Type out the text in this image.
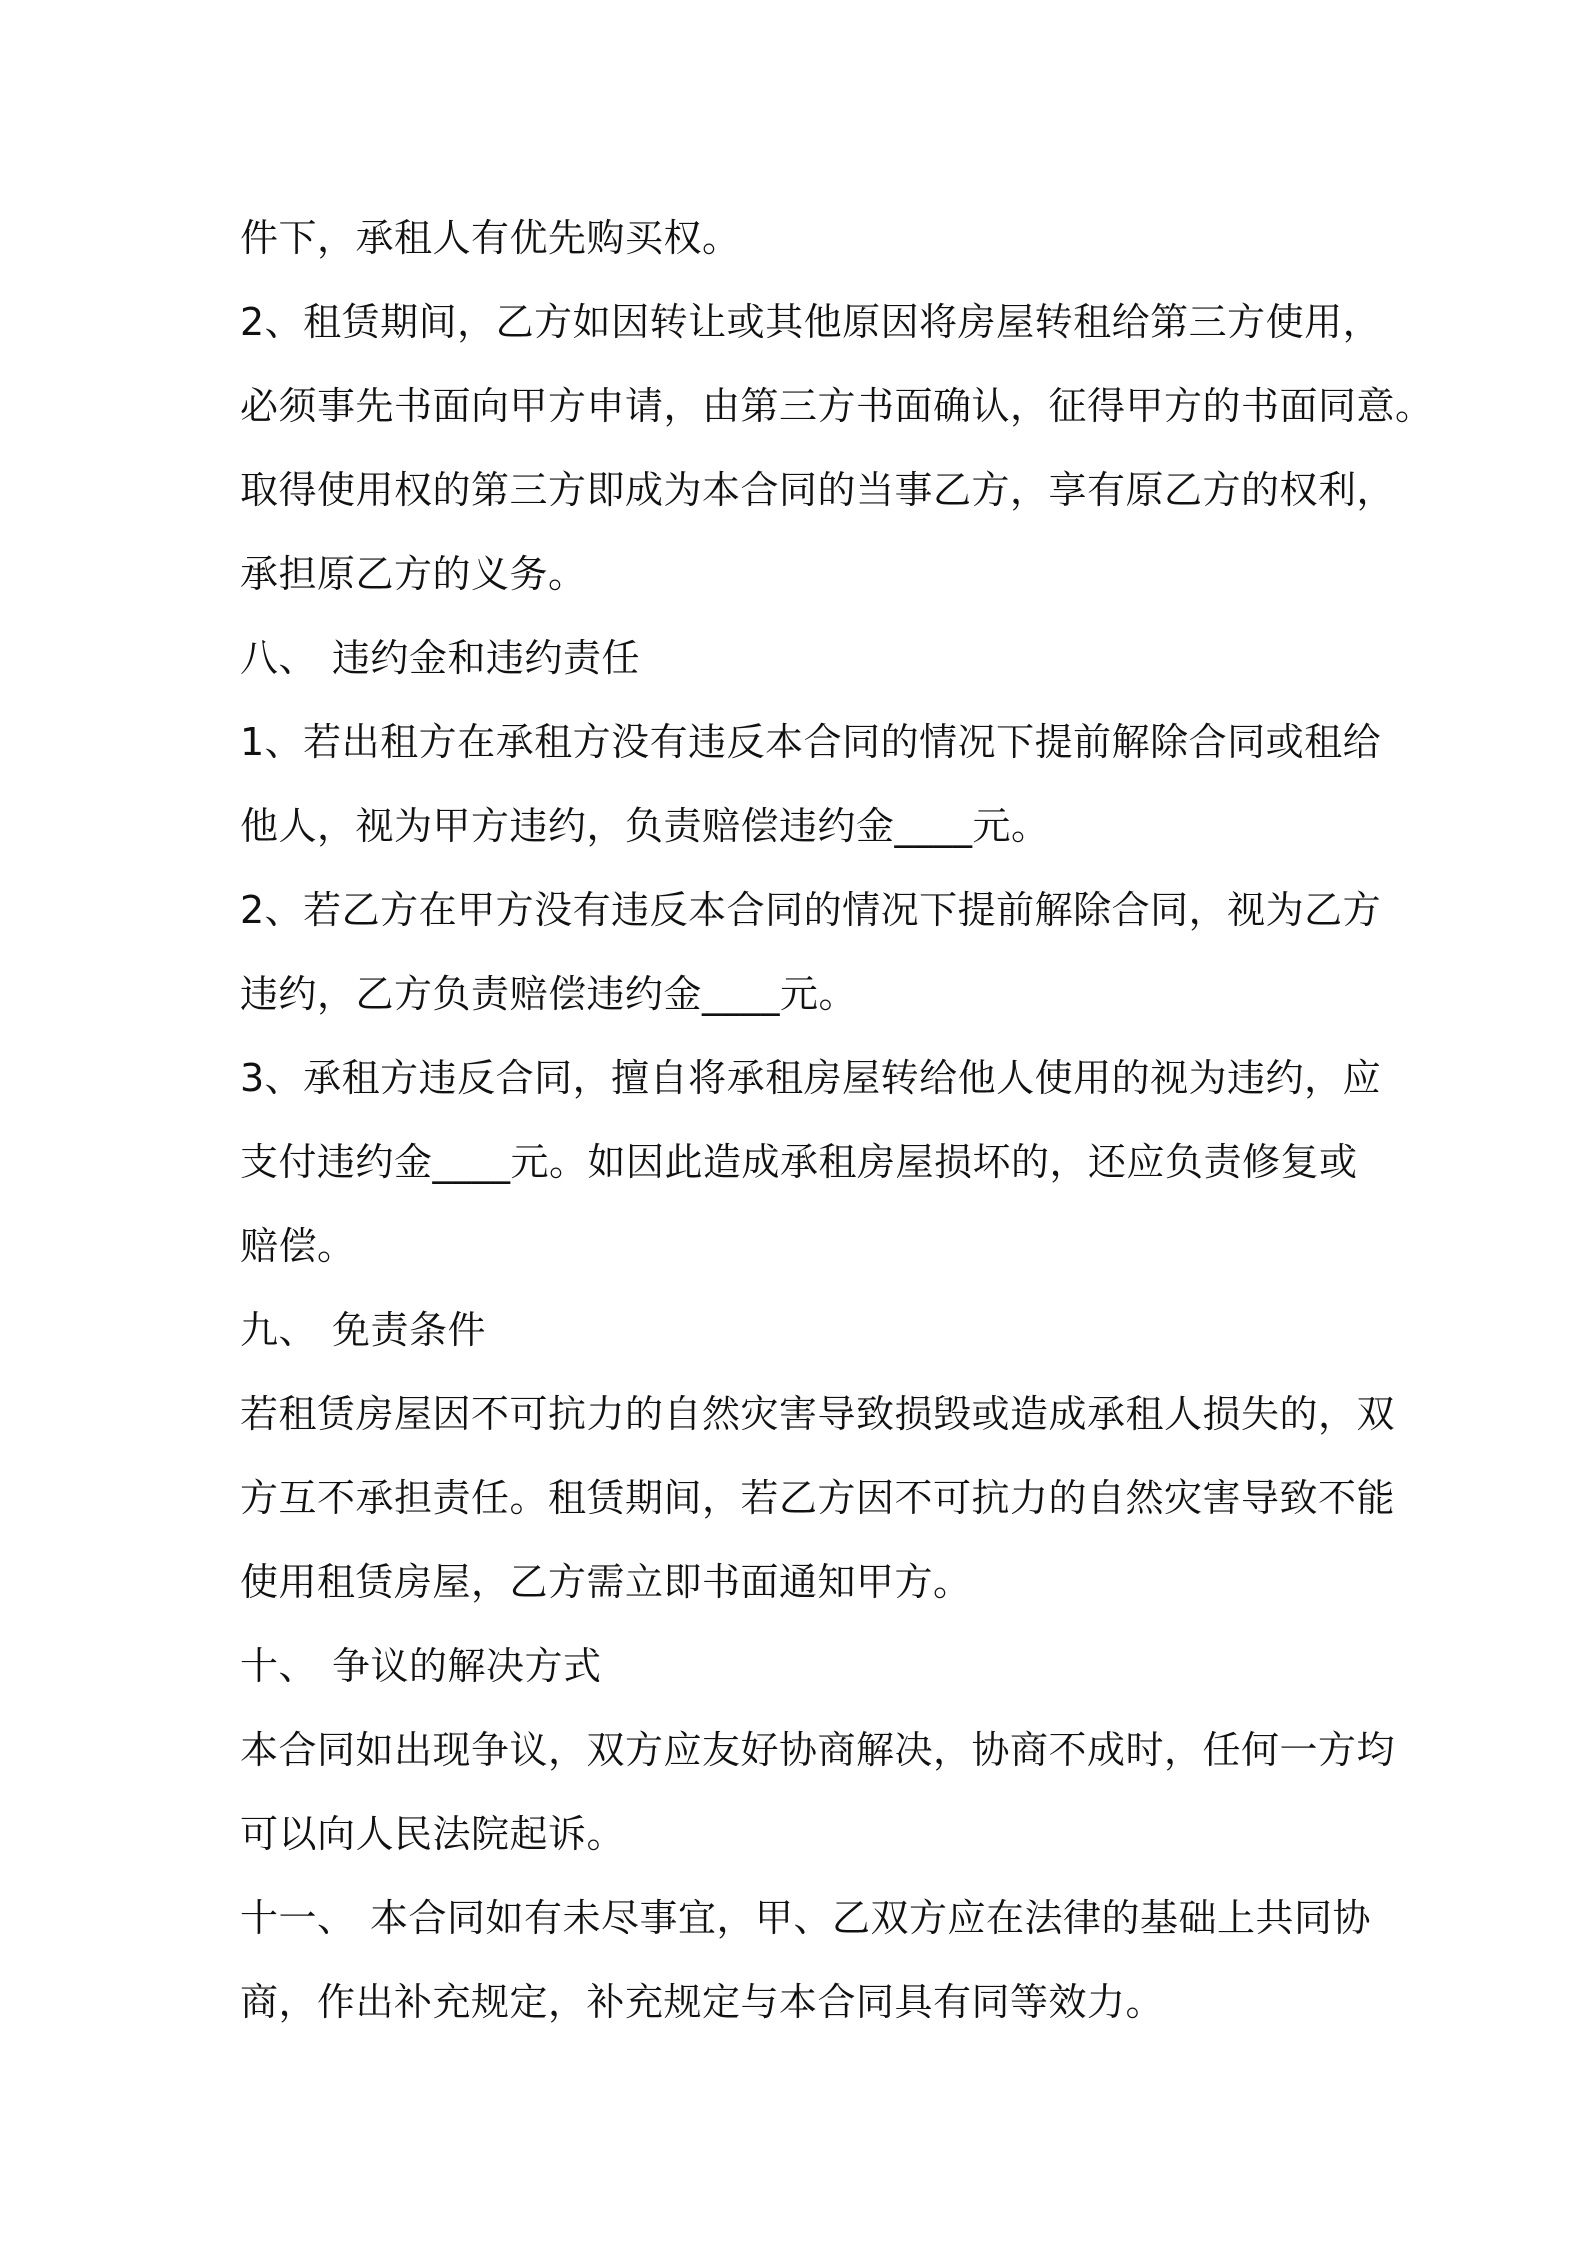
件下，承租人有优先购买权。
2、租赁期间，乙方如因转让或其他原因将房屋转租给第三方使用，
必须事先书面向甲方申请，由第三方书面确认，征得甲方的书面同意。
取得使用权的第三方即成为本合同的当事乙方，享有原乙方的权利，
承担原乙方的义务。
八、 违约金和违约责任
1、若出租方在承租方没有违反本合同的情况下提前解除合同或租给
他人，视为甲方违约，负责赔偿违约金____元。
2、若乙方在甲方没有违反本合同的情况下提前解除合同，视为乙方
违约，乙方负责赔偿违约金____元。
3、承租方违反合同，擅自将承租房屋转给他人使用的视为违约，应
支付违约金____元。如因此造成承租房屋损坏的，还应负责修复或
赔偿。
九、 免责条件
若租赁房屋因不可抗力的自然灾害导致损毁或造成承租人损失的，双
方互不承担责任。租赁期间，若乙方因不可抗力的自然灾害导致不能
使用租赁房屋，乙方需立即书面通知甲方。
十、 争议的解决方式
本合同如出现争议，双方应友好协商解决，协商不成时，任何一方均
可以向人民法院起诉。
十一、 本合同如有未尽事宜，甲、乙双方应在法律的基础上共同协
商，作出补充规定，补充规定与本合同具有同等效力。
